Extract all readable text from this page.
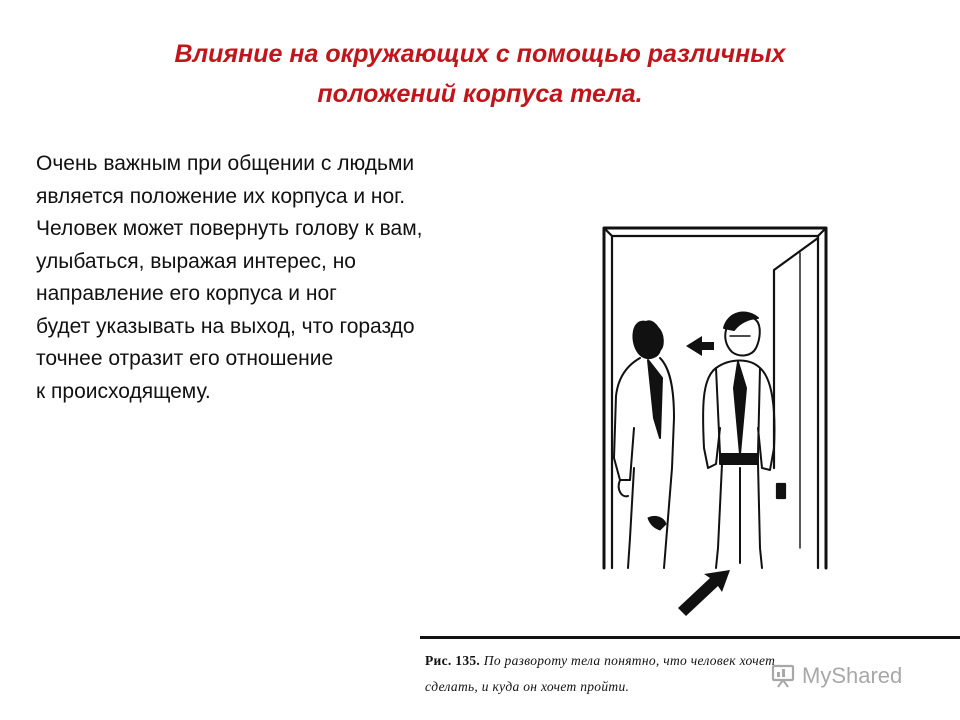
Влияние на окружающих с помощью различных
положений корпуса тела.
Очень важным при общении с людьми
является положение их корпуса и ног.
Человек может повернуть голову к вам,
улыбаться, выражая интерес, но
направление его корпуса и ног
будет указывать на выход, что гораздо
точнее отразит его отношение
к происходящему.
Рис. 135. По развороту тела понятно, что человек хочет
сделать, и куда он хочет пройти.	MyShared
